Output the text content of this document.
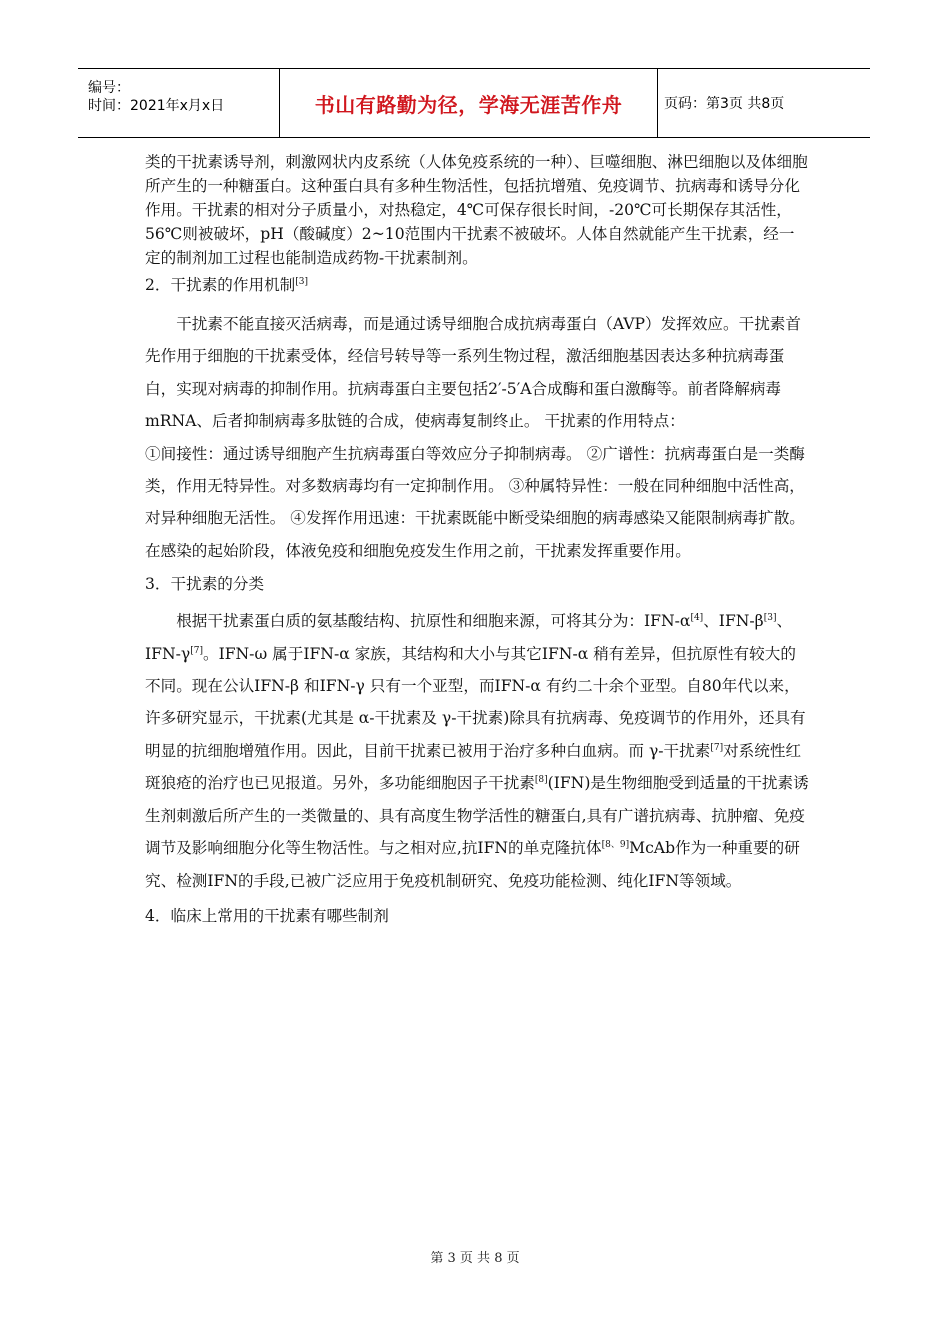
编号：
时间：2021年x月x日	书山有路勤为径，学海无涯苦作舟	页码：第3页 共8页

类的干扰素诱导剂，刺激网状内皮系统（人体免疫系统的一种）、巨噬细胞、淋巴细胞以及体细胞所产生的一种糖蛋白。这种蛋白具有多种生物活性，包括抗增殖、免疫调节、抗病毒和诱导分化作用。干扰素的相对分子质量小，对热稳定，4℃可保存很长时间，-20℃可长期保存其活性，56℃则被破坏，pH（酸碱度）2~10范围内干扰素不被破坏。人体自然就能产生干扰素，经一定的制剂加工过程也能制造成药物-干扰素制剂。

2．干扰素的作用机制[3]

干扰素不能直接灭活病毒，而是通过诱导细胞合成抗病毒蛋白（AVP）发挥效应。干扰素首先作用于细胞的干扰素受体，经信号转导等一系列生物过程，激活细胞基因表达多种抗病毒蛋白，实现对病毒的抑制作用。抗病毒蛋白主要包括2′-5′A合成酶和蛋白激酶等。前者降解病毒mRNA、后者抑制病毒多肽链的合成，使病毒复制终止。 干扰素的作用特点：

①间接性：通过诱导细胞产生抗病毒蛋白等效应分子抑制病毒。 ②广谱性：抗病毒蛋白是一类酶类，作用无特异性。对多数病毒均有一定抑制作用。 ③种属特异性：一般在同种细胞中活性高，对异种细胞无活性。 ④发挥作用迅速：干扰素既能中断受染细胞的病毒感染又能限制病毒扩散。在感染的起始阶段，体液免疫和细胞免疫发生作用之前，干扰素发挥重要作用。

3．干扰素的分类

根据干扰素蛋白质的氨基酸结构、抗原性和细胞来源，可将其分为：IFN-α[4]、IFN-β[3]、IFN-γ[7]。IFN-ω 属于IFN-α 家族，其结构和大小与其它IFN-α 稍有差异，但抗原性有较大的不同。现在公认IFN-β 和IFN-γ 只有一个亚型，而IFN-α 有约二十余个亚型。自80年代以来，许多研究显示，干扰素(尤其是 α-干扰素及 γ-干扰素)除具有抗病毒、免疫调节的作用外，还具有明显的抗细胞增殖作用。因此，目前干扰素已被用于治疗多种白血病。而 γ-干扰素[7]对系统性红斑狼疮的治疗也已见报道。另外，多功能细胞因子干扰素[8](IFN)是生物细胞受到适量的干扰素诱生剂刺激后所产生的一类微量的、具有高度生物学活性的糖蛋白,具有广谱抗病毒、抗肿瘤、免疫调节及影响细胞分化等生物活性。与之相对应,抗IFN的单克隆抗体[8、9]McAb作为一种重要的研究、检测IFN的手段,已被广泛应用于免疫机制研究、免疫功能检测、纯化IFN等领域。

4．临床上常用的干扰素有哪些制剂

第 3 页 共 8 页
